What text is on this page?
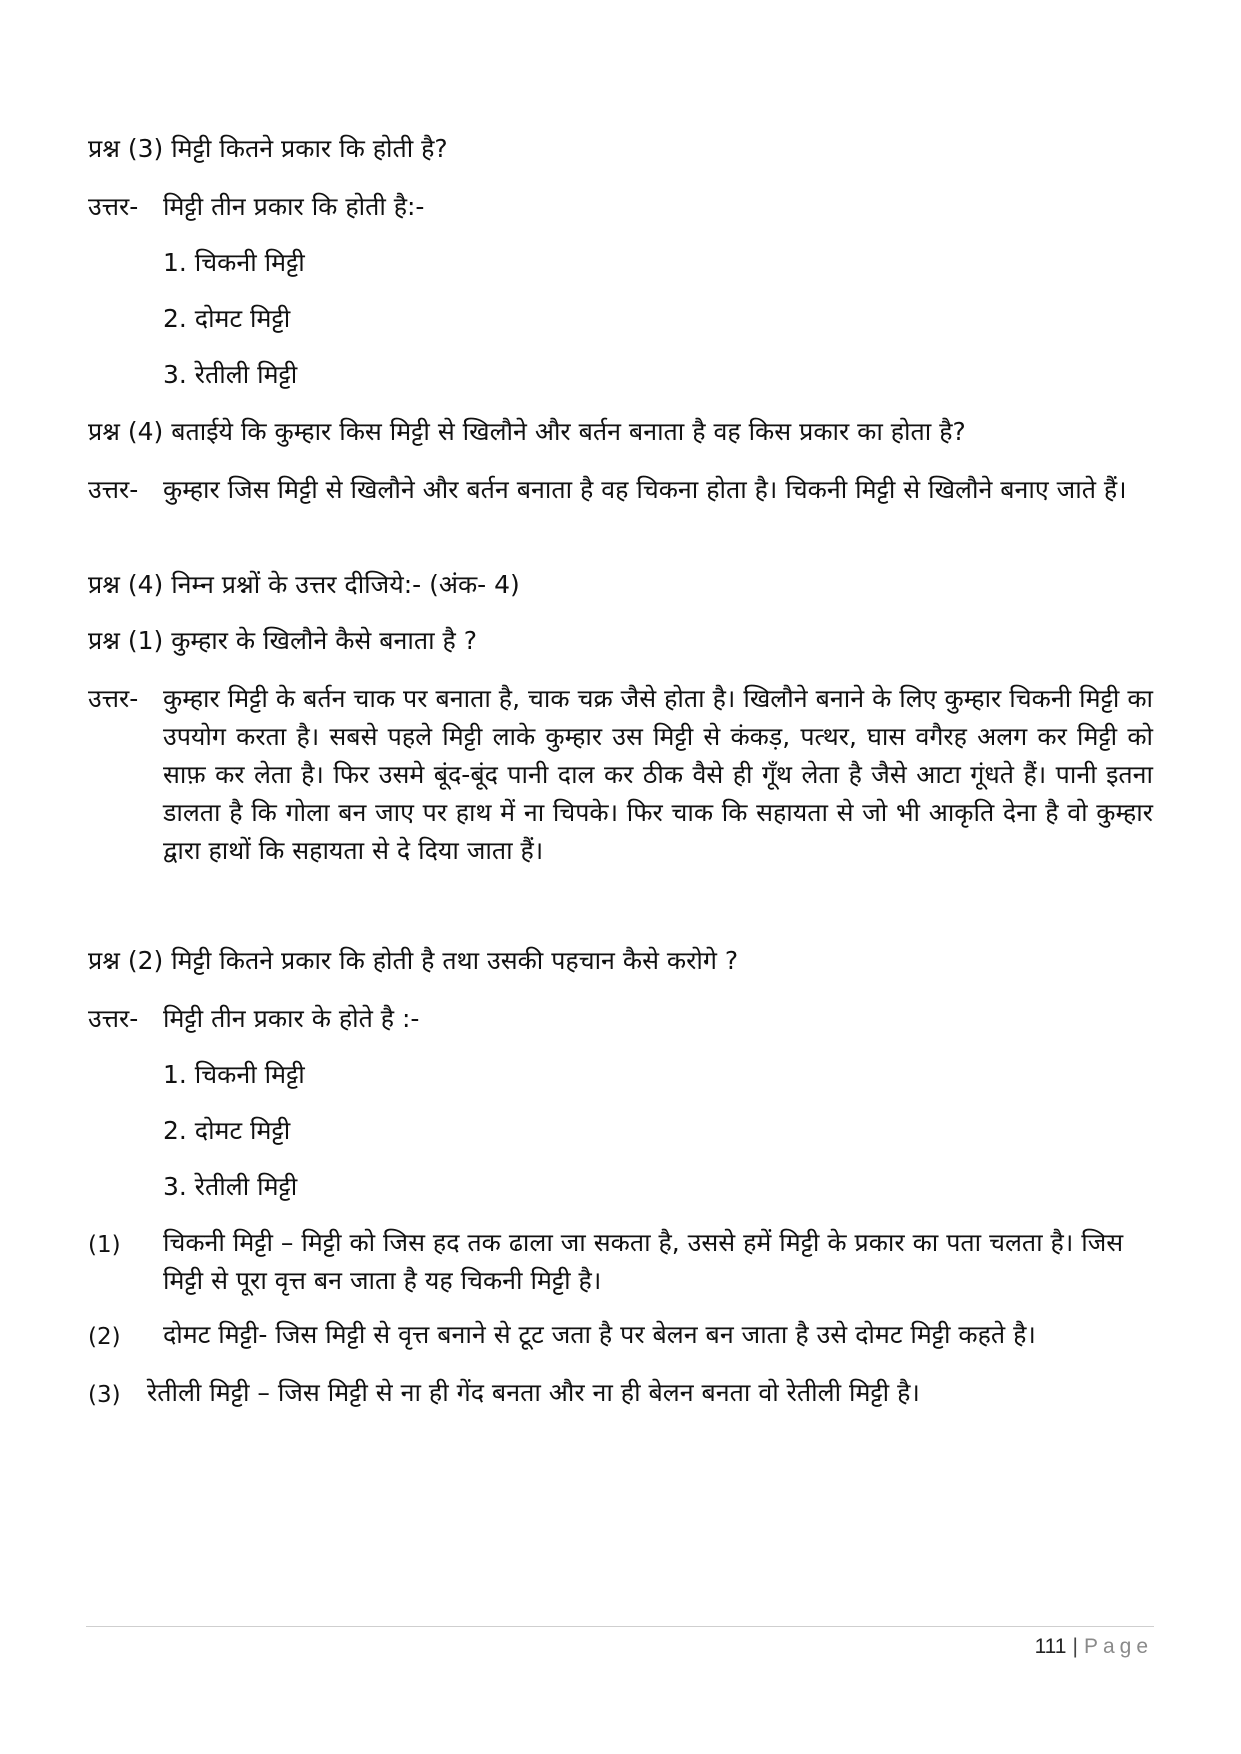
प्रश्न (3) मिट्टी कितने प्रकार कि होती है?
उत्तर- मिट्टी तीन प्रकार कि होती है:-
1. चिकनी मिट्टी
2. दोमट मिट्टी
3. रेतीली मिट्टी
प्रश्न (4) बताईये कि कुम्हार किस मिट्टी से खिलौने और बर्तन बनाता है वह किस प्रकार का होता है?
उत्तर- कुम्हार जिस मिट्टी से खिलौने और बर्तन बनाता है वह चिकना होता है। चिकनी मिट्टी से खिलौने बनाए जाते हैं।
प्रश्न (4) निम्न प्रश्नों के उत्तर दीजिये:- (अंक- 4)
प्रश्न (1) कुम्हार के खिलौने कैसे बनाता है ?
उत्तर- कुम्हार मिट्टी के बर्तन चाक पर बनाता है, चाक चक्र जैसे होता है। खिलौने बनाने के लिए कुम्हार चिकनी मिट्टी का उपयोग करता है। सबसे पहले मिट्टी लाके कुम्हार उस मिट्टी से कंकड़, पत्थर, घास वगैरह अलग कर मिट्टी को साफ़ कर लेता है। फिर उसमे बूंद-बूंद पानी दाल कर ठीक वैसे ही गूँथ लेता है जैसे आटा गूंधते हैं। पानी इतना डालता है कि गोला बन जाए पर हाथ में ना चिपके। फिर चाक कि सहायता से जो भी आकृति देना है वो कुम्हार द्वारा हाथों कि सहायता से दे दिया जाता हैं।
प्रश्न (2) मिट्टी कितने प्रकार कि होती है तथा उसकी पहचान कैसे करोगे ?
उत्तर- मिट्टी तीन प्रकार के होते है :-
1. चिकनी मिट्टी
2. दोमट मिट्टी
3. रेतीली मिट्टी
(1) चिकनी मिट्टी – मिट्टी को जिस हद तक ढाला जा सकता है, उससे हमें मिट्टी के प्रकार का पता चलता है। जिस मिट्टी से पूरा वृत्त बन जाता है यह चिकनी मिट्टी है।
(2) दोमट मिट्टी- जिस मिट्टी से वृत्त बनाने से टूट जता है पर बेलन बन जाता है उसे दोमट मिट्टी कहते है।
(3) रेतीली मिट्टी – जिस मिट्टी से ना ही गेंद बनता और ना ही बेलन बनता वो रेतीली मिट्टी है।
111 | Page
